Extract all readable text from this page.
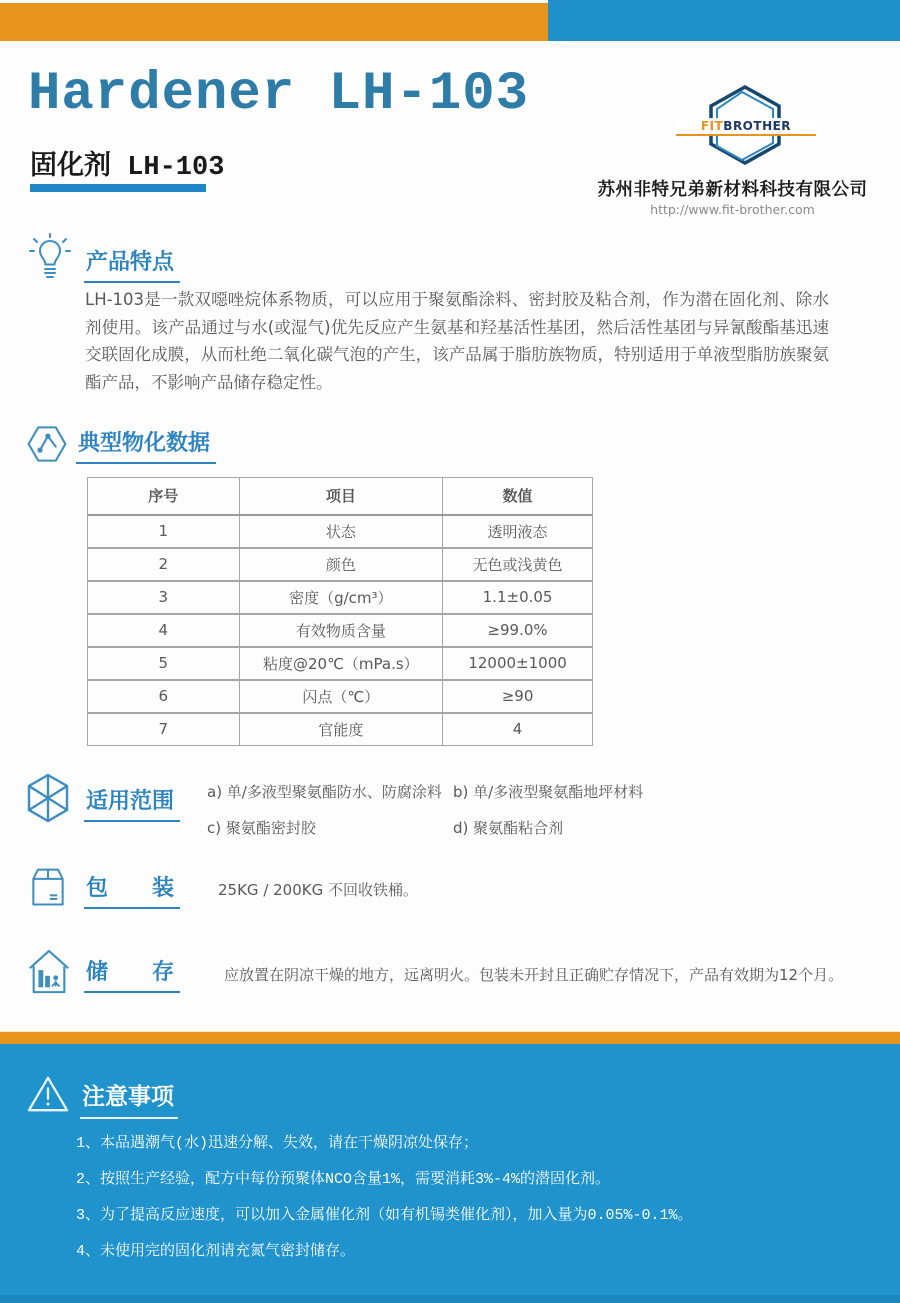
Hardener LH-103
固化剂 LH-103
FITBROTHER
苏州非特兄弟新材料科技有限公司
http://www.fit-brother.com
产品特点
LH-103是一款双噁唑烷体系物质，可以应用于聚氨酯涂料、密封胶及粘合剂，作为潜在固化剂、除水剂使用。该产品通过与水(或湿气)优先反应产生氨基和羟基活性基团，然后活性基团与异氰酸酯基迅速交联固化成膜，从而杜绝二氧化碳气泡的产生，该产品属于脂肪族物质，特别适用于单液型脂肪族聚氨酯产品，不影响产品储存稳定性。
典型物化数据
序号	项目	数值
1	状态	透明液态
2	颜色	无色或浅黄色
3	密度（g/cm³）	1.1±0.05
4	有效物质含量	≥99.0%
5	粘度@20℃（mPa.s）	12000±1000
6	闪点（℃）	≥90
7	官能度	4
适用范围	a) 单/多液型聚氨酯防水、防腐涂料 b) 单/多液型聚氨酯地坪材料
c) 聚氨酯密封胶	d) 聚氨酯粘合剂
包　　装	25KG / 200KG 不回收铁桶。
储　　存	应放置在阴凉干燥的地方，远离明火。包装未开封且正确贮存情况下，产品有效期为12个月。
注意事项
1、本品遇潮气(水)迅速分解、失效，请在干燥阴凉处保存；
2、按照生产经验，配方中每份预聚体NCO含量1%，需要消耗3%-4%的潜固化剂。
3、为了提高反应速度，可以加入金属催化剂（如有机锡类催化剂），加入量为0.05%-0.1%。
4、未使用完的固化剂请充氮气密封储存。
